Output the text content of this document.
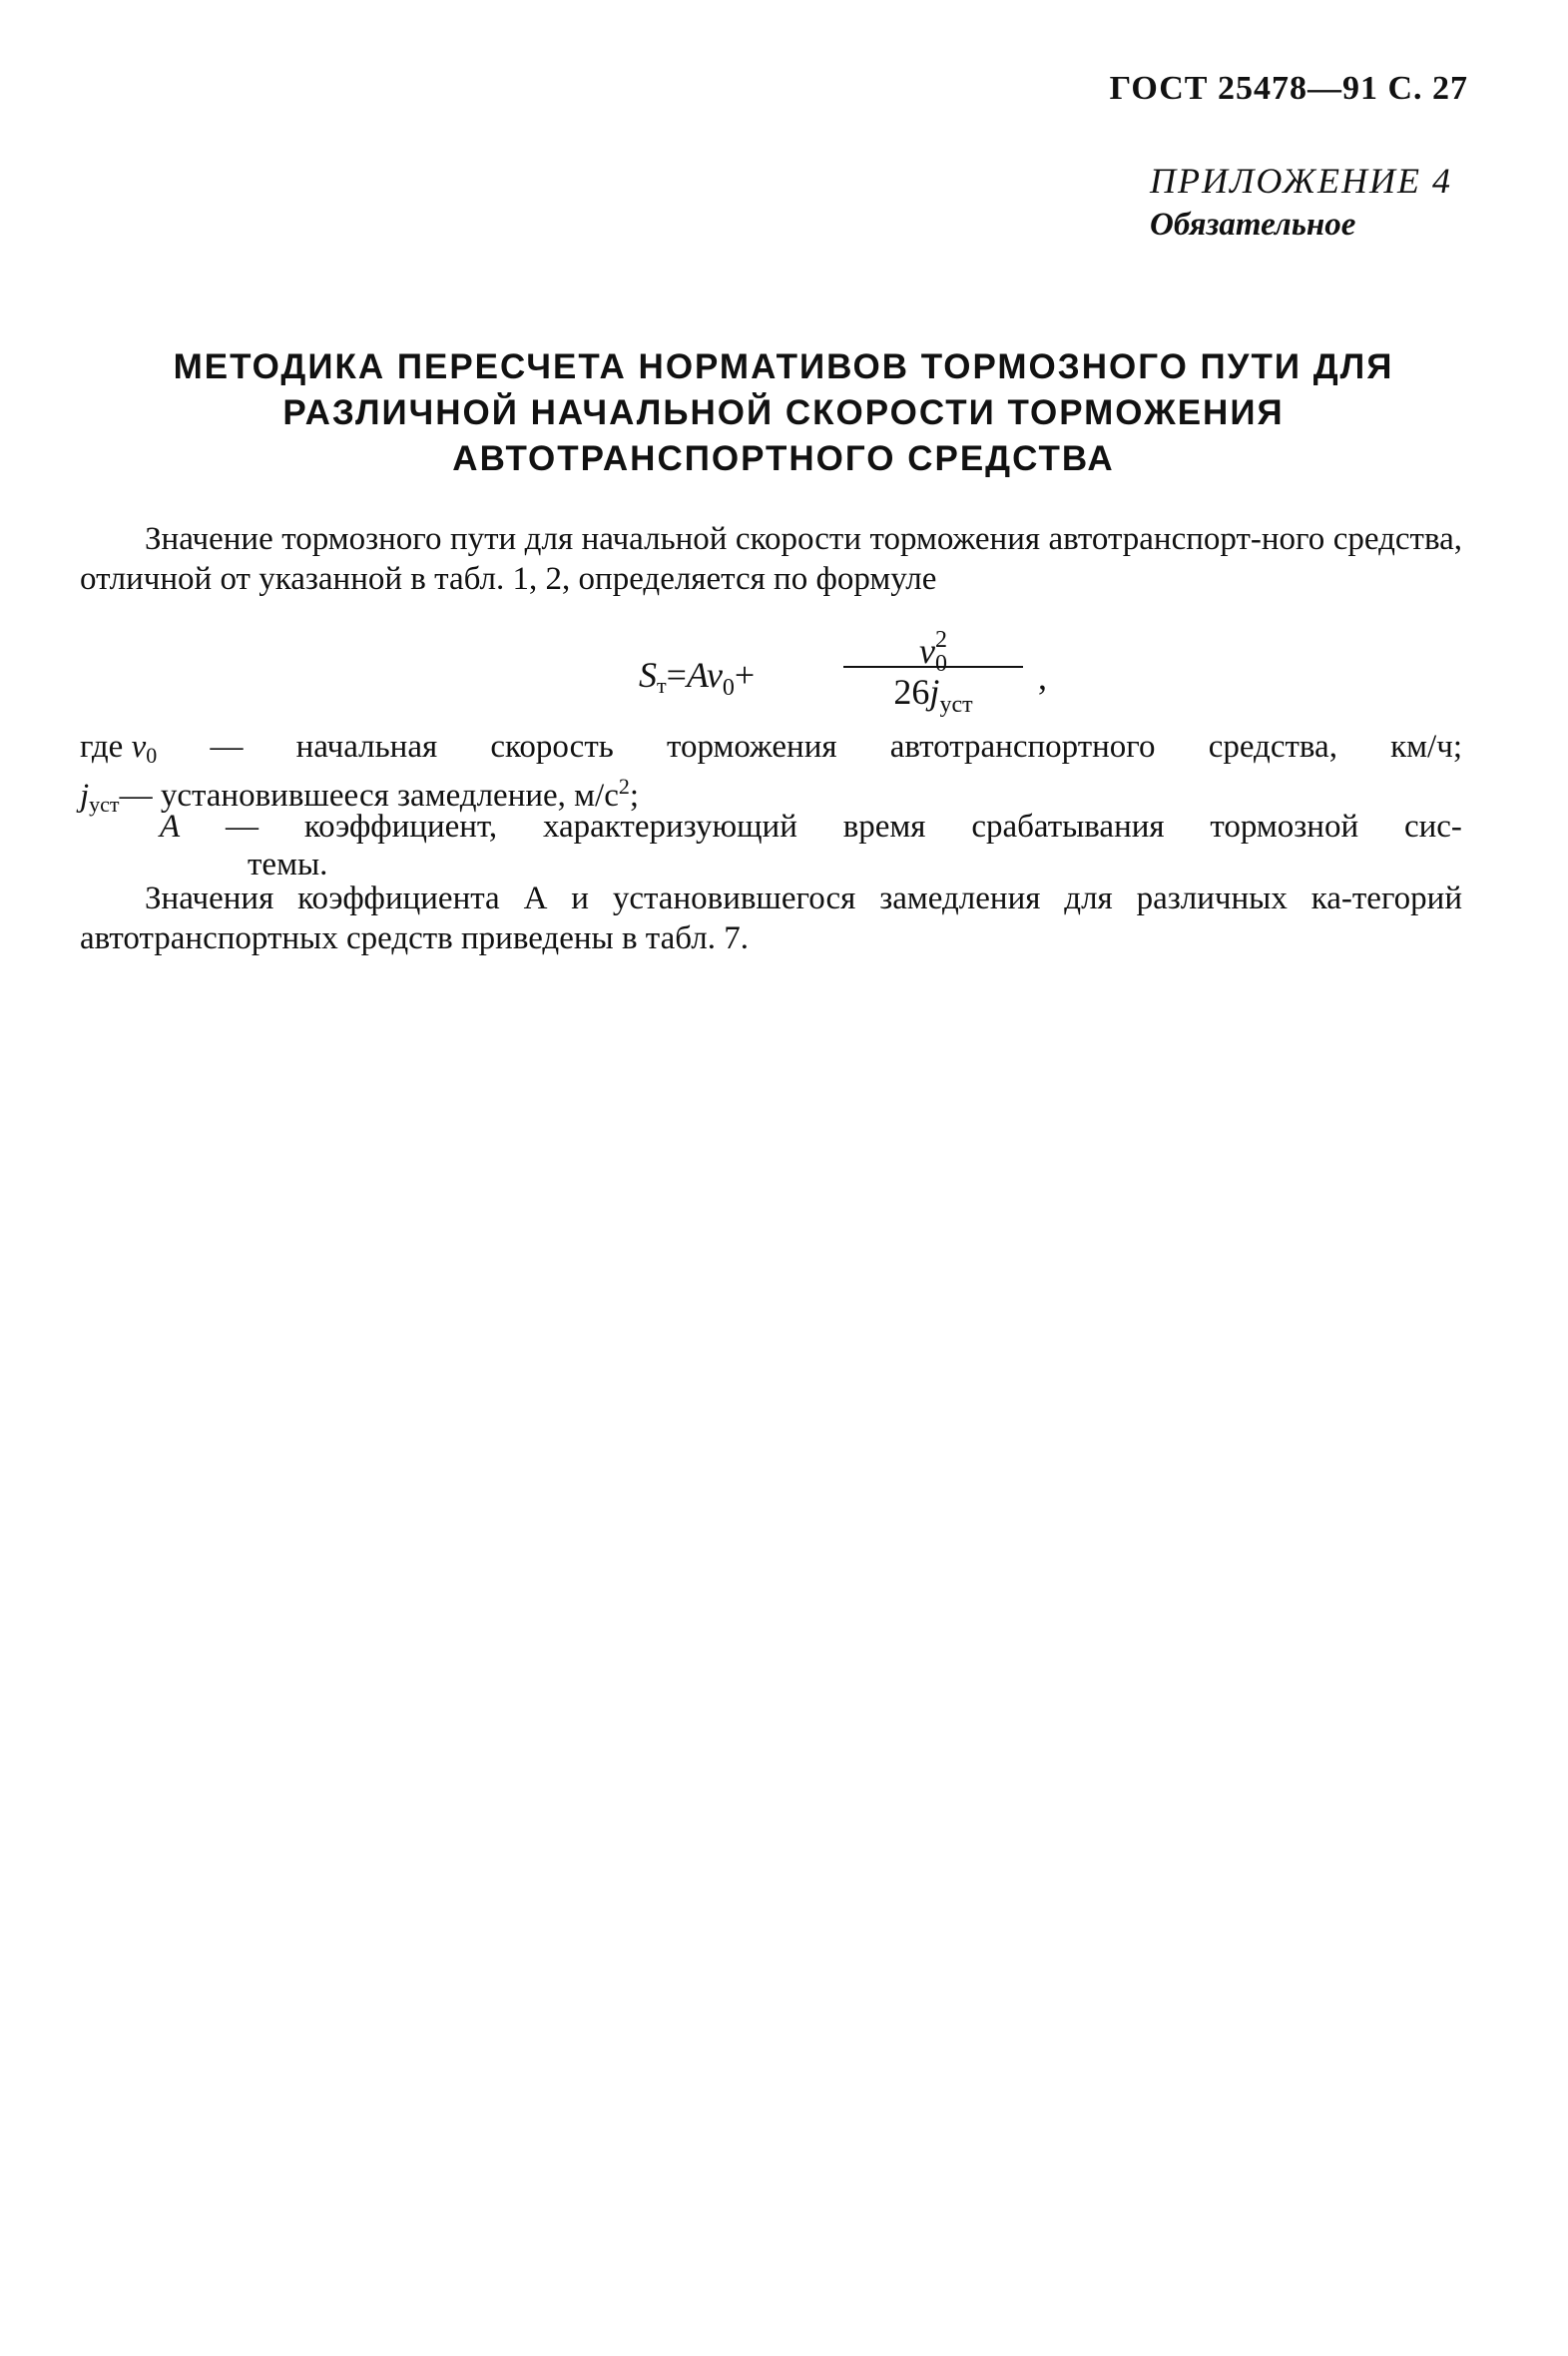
ГОСТ 25478—91 С. 27
ПРИЛОЖЕНИЕ 4
Обязательное
МЕТОДИКА ПЕРЕСЧЕТА НОРМАТИВОВ ТОРМОЗНОГО ПУТИ ДЛЯ
РАЗЛИЧНОЙ НАЧАЛЬНОЙ СКОРОСТИ ТОРМОЖЕНИЯ
АВТОТРАНСПОРТНОГО СРЕДСТВА
Значение тормозного пути для начальной скорости торможения автотранспорт-ного средства, отличной от указанной в табл. 1, 2, определяется по формуле
$S_т=Av_0+$
$v^2_0$
$26j_{уст}$
,
где $v_0$ — начальная скорость торможения автотранспортного средства, км/ч;
$j_{уст}—$ установившееся замедление, $м/с^2$;
А — коэффициент, характеризующий время срабатывания тормозной сис-
темы.
Значения коэффициента А и установившегося замедления для различных ка-тегорий автотранспортных средств приведены в табл. 7.
